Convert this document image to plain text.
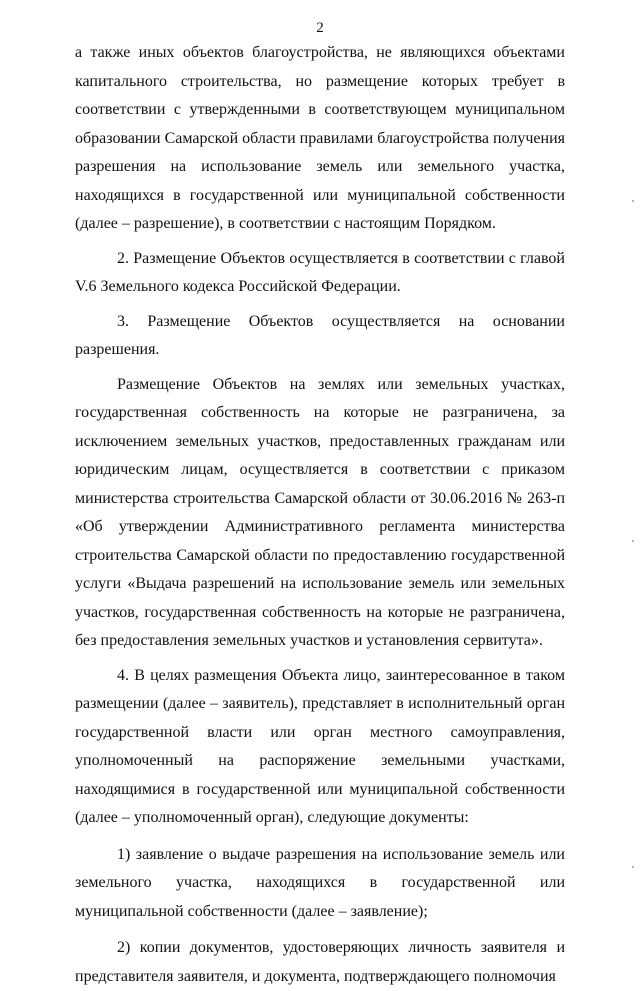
2

а также иных объектов благоустройства, не являющихся объектами капитального строительства, но размещение которых требует в соответствии с утвержденными в соответствующем муниципальном образовании Самарской области правилами благоустройства получения разрешения на использование земель или земельного участка, находящихся в государственной или муниципальной собственности (далее – разрешение), в соответствии с настоящим Порядком.

2. Размещение Объектов осуществляется в соответствии с главой V.6 Земельного кодекса Российской Федерации.

3. Размещение Объектов осуществляется на основании разрешения.

Размещение Объектов на землях или земельных участках, государственная собственность на которые не разграничена, за исключением земельных участков, предоставленных гражданам или юридическим лицам, осуществляется в соответствии с приказом министерства строительства Самарской области от 30.06.2016 № 263-п «Об утверждении Административного регламента министерства строительства Самарской области по предоставлению государственной услуги «Выдача разрешений на использование земель или земельных участков, государственная собственность на которые не разграничена, без предоставления земельных участков и установления сервитута».

4. В целях размещения Объекта лицо, заинтересованное в таком размещении (далее – заявитель), представляет в исполнительный орган государственной власти или орган местного самоуправления, уполномоченный на распоряжение земельными участками, находящимися в государственной или муниципальной собственности (далее – уполномоченный орган), следующие документы:

1) заявление о выдаче разрешения на использование земель или земельного участка, находящихся в государственной или муниципальной собственности (далее – заявление);

2) копии документов, удостоверяющих личность заявителя и представителя заявителя, и документа, подтверждающего полномочия
